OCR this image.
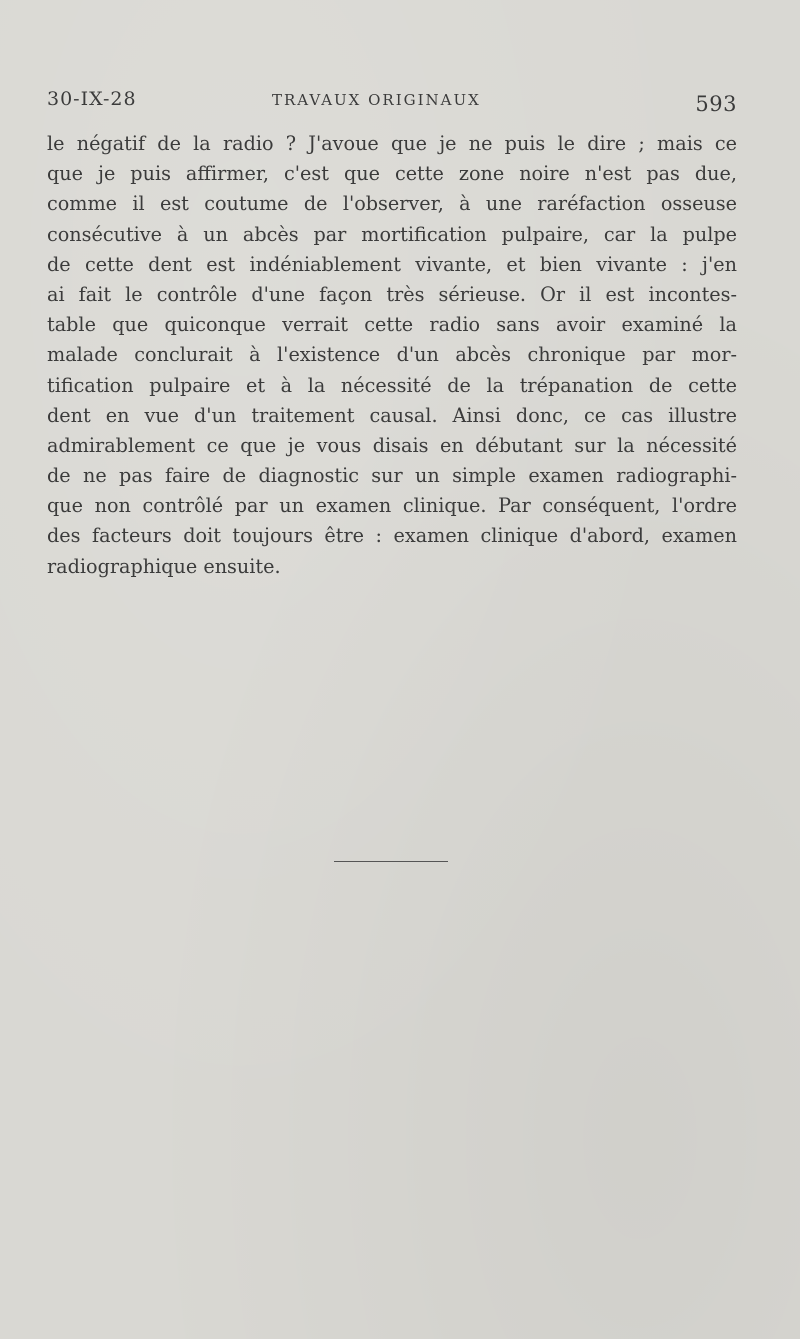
30-IX-28	TRAVAUX ORIGINAUX	593
le négatif de la radio ? J'avoue que je ne puis le dire ; mais ce
que je puis affirmer, c'est que cette zone noire n'est pas due,
comme il est coutume de l'observer, à une raréfaction osseuse
consécutive à un abcès par mortification pulpaire, car la pulpe
de cette dent est indéniablement vivante, et bien vivante : j'en
ai fait le contrôle d'une façon très sérieuse. Or il est incontes-
table que quiconque verrait cette radio sans avoir examiné la
malade conclurait à l'existence d'un abcès chronique par mor-
tification pulpaire et à la nécessité de la trépanation de cette
dent en vue d'un traitement causal. Ainsi donc, ce cas illustre
admirablement ce que je vous disais en débutant sur la nécessité
de ne pas faire de diagnostic sur un simple examen radiographi-
que non contrôlé par un examen clinique. Par conséquent, l'ordre
des facteurs doit toujours être : examen clinique d'abord, examen
radiographique ensuite.
